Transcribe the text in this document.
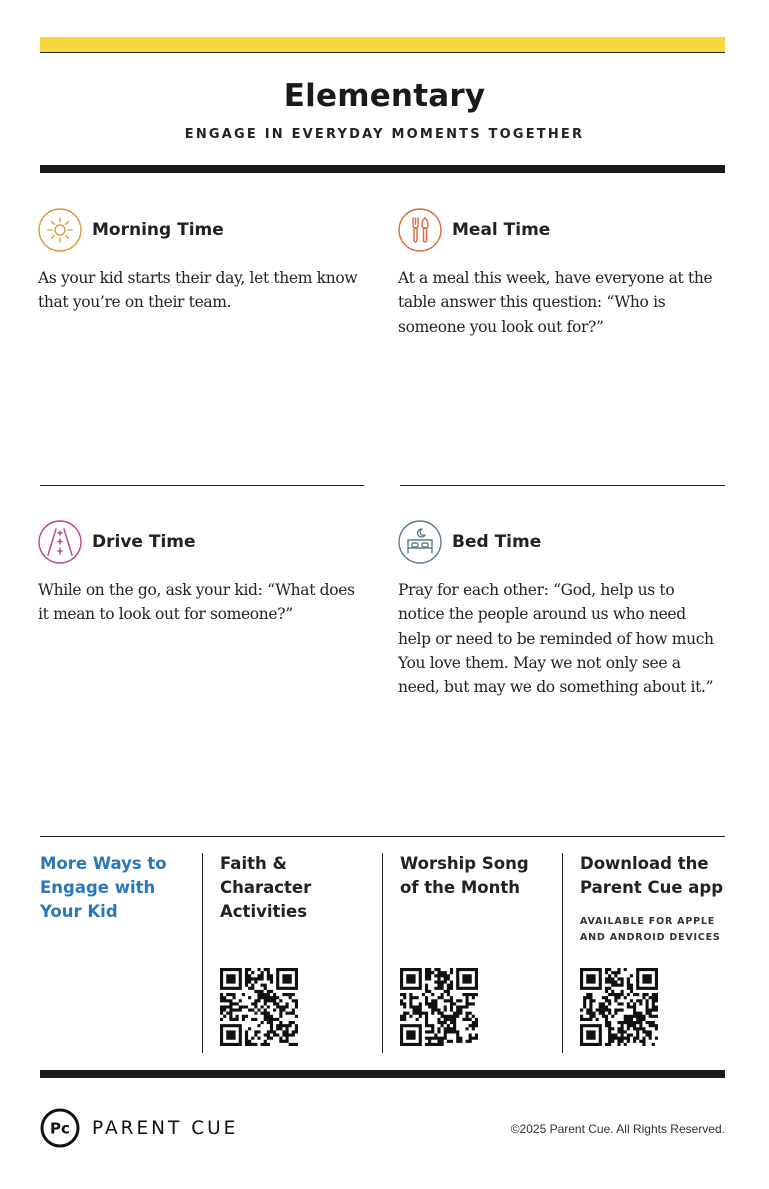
Elementary
ENGAGE IN EVERYDAY MOMENTS TOGETHER
Morning Time
As your kid starts their day, let them know that you’re on their team.
Meal Time
At a meal this week, have everyone at the table answer this question: “Who is someone you look out for?”
Drive Time
While on the go, ask your kid: “What does it mean to look out for someone?”
Bed Time
Pray for each other: “God, help us to notice the people around us who need help or need to be reminded of how much You love them. May we not only see a need, but may we do something about it.”
More Ways to
Engage with
Your Kid
Faith &
Character
Activities
Worship Song
of the Month
Download the
Parent Cue app
AVAILABLE FOR APPLE
AND ANDROID DEVICES
Pc PARENT CUE	©2025 Parent Cue. All Rights Reserved.
